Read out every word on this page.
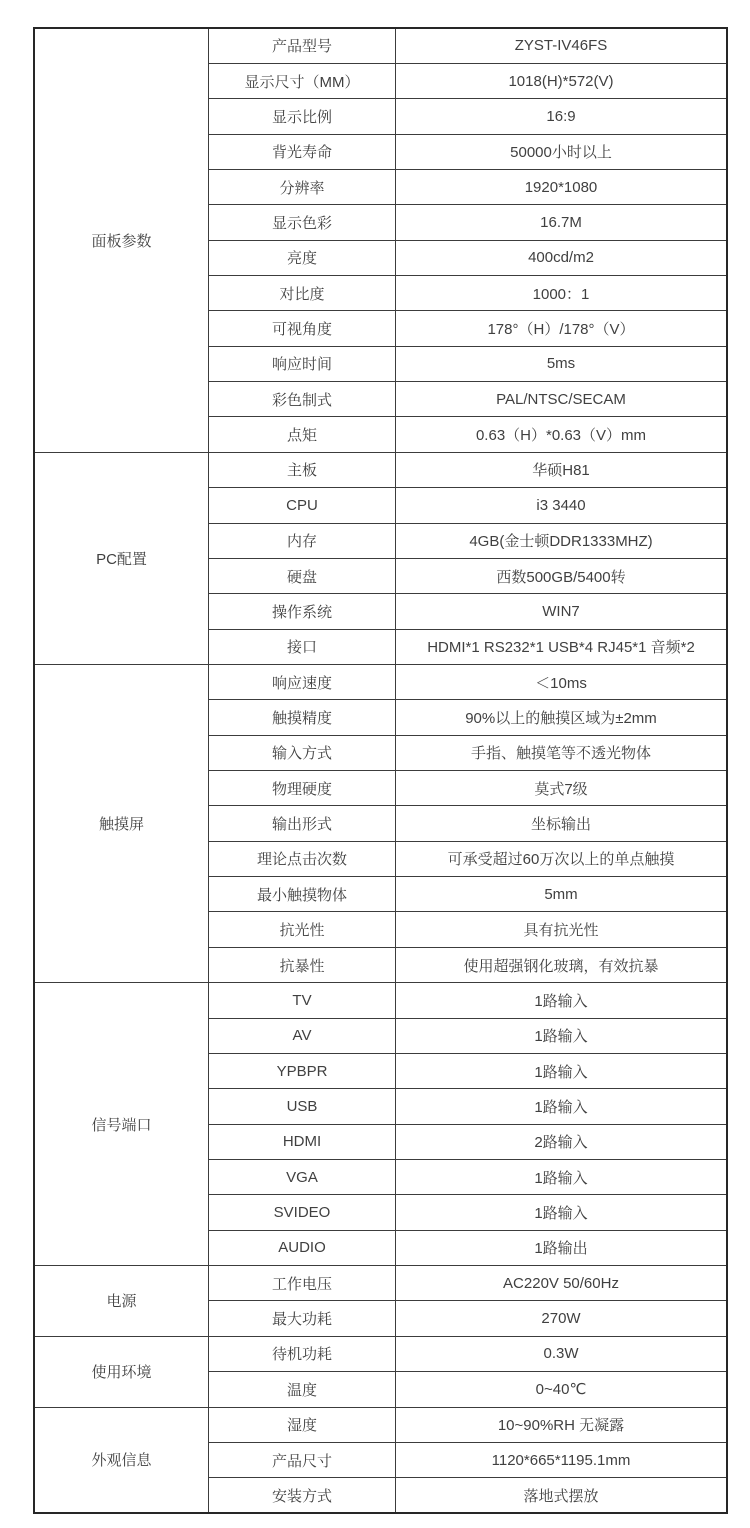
面板参数	产品型号	ZYST-IV46FS
	显示尺寸（MM）	1018(H)*572(V)
	显示比例	16:9
	背光寿命	50000小时以上
	分辨率	1920*1080
	显示色彩	16.7M
	亮度	400cd/m2
	对比度	1000：1
	可视角度	178°（H）/178°（V）
	响应时间	5ms
	彩色制式	PAL/NTSC/SECAM
	点矩	0.63（H）*0.63（V）mm
PC配置	主板	华硕H81
	CPU	i3 3440
	内存	4GB(金士顿DDR1333MHZ)
	硬盘	西数500GB/5400转
	操作系统	WIN7
	接口	HDMI*1 RS232*1 USB*4 RJ45*1 音频*2
触摸屏	响应速度	＜10ms
	触摸精度	90%以上的触摸区域为±2mm
	输入方式	手指、触摸笔等不透光物体
	物理硬度	莫式7级
	输出形式	坐标输出
	理论点击次数	可承受超过60万次以上的单点触摸
	最小触摸物体	5mm
	抗光性	具有抗光性
	抗暴性	使用超强钢化玻璃，有效抗暴
信号端口	TV	1路输入
	AV	1路输入
	YPBPR	1路输入
	USB	1路输入
	HDMI	2路输入
	VGA	1路输入
	SVIDEO	1路输入
	AUDIO	1路输出
电源	工作电压	AC220V 50/60Hz
	最大功耗	270W
使用环境	待机功耗	0.3W
	温度	0~40℃
外观信息	湿度	10~90%RH 无凝露
	产品尺寸	1120*665*1195.1mm
	安装方式	落地式摆放
